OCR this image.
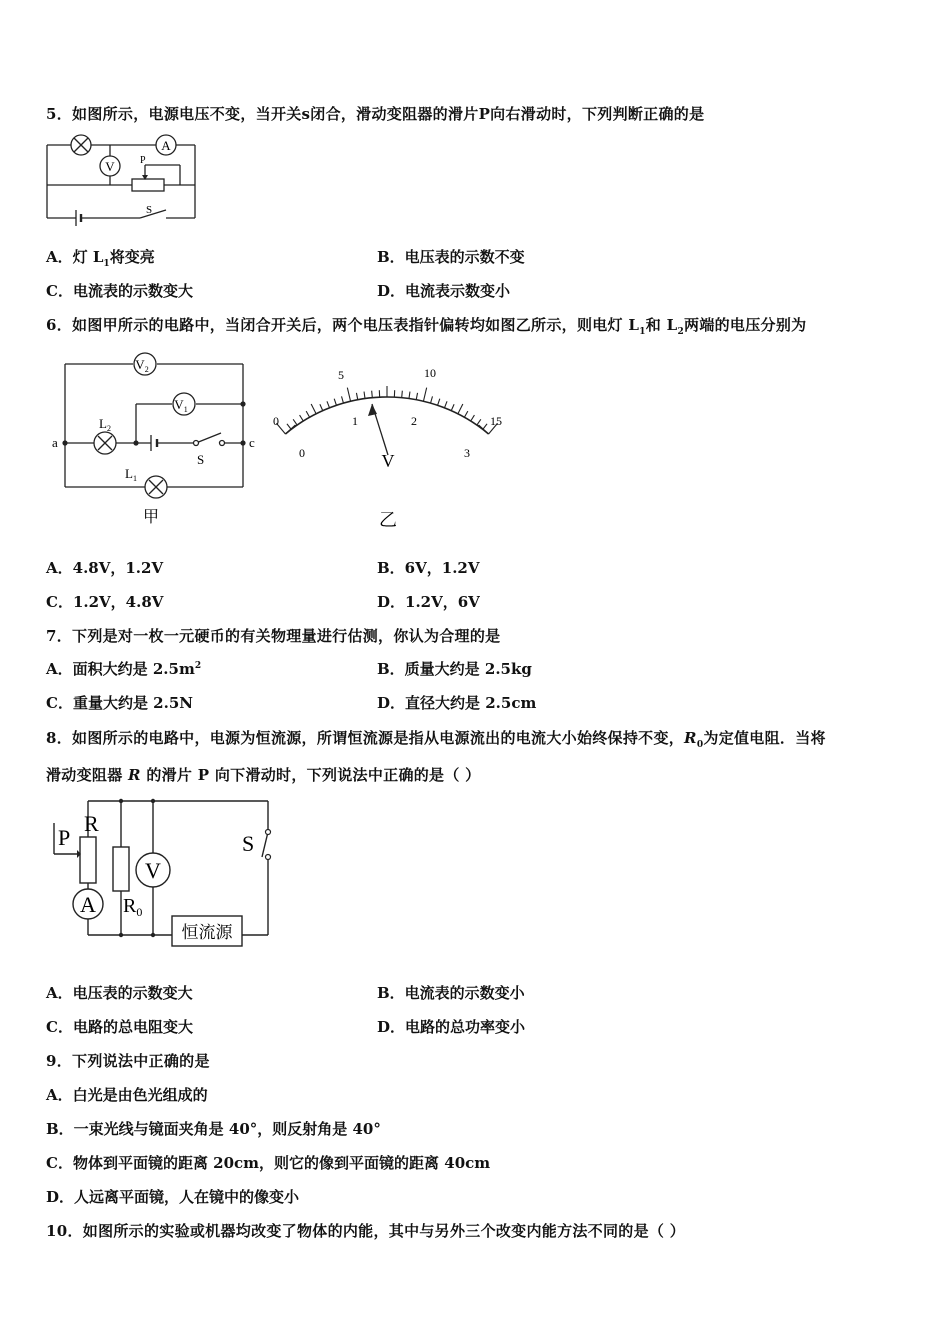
5．如图所示，电源电压不变，当开关s闭合，滑动变阻器的滑片P向右滑动时，下列判断正确的是
A
V	P
S
A．灯 $L_1$将变亮	B．电压表的示数不变
C．电流表的示数变大	D．电流表示数变小
6．如图甲所示的电路中，当闭合开关后，两个电压表指针偏转均如图乙所示，则电灯 $L_1$和 $L_2$两端的电压分别为
$V_2$
$V_1$
$L_2$
$L_1$
a	c
S
甲
0
5	10
15
0
1	2
3
V
乙
A．4.8V，1.2V	B．6V，1.2V
C．1.2V，4.8V	D．1.2V，6V
7．下列是对一枚一元硬币的有关物理量进行估测，你认为合理的是
A．面积大约是 $2.5m^2$	B．质量大约是 2.5kg
C．重量大约是 2.5N	D．直径大约是 2.5cm
8．如图所示的电路中，电源为恒流源，所谓恒流源是指从电源流出的电流大小始终保持不变，$R_0$为定值电阻．当将
滑动变阻器 R 的滑片 P 向下滑动时，下列说法中正确的是（ ）
P
R
S
V
A $R_0$
恒流源
A．电压表的示数变大	B．电流表的示数变小
C．电路的总电阻变大	D．电路的总功率变小
9．下列说法中正确的是
A．白光是由色光组成的
B．一束光线与镜面夹角是 40°，则反射角是 40°
C．物体到平面镜的距离 20cm，则它的像到平面镜的距离 40cm
D．人远离平面镜，人在镜中的像变小
10．如图所示的实验或机器均改变了物体的内能，其中与另外三个改变内能方法不同的是（ ）
